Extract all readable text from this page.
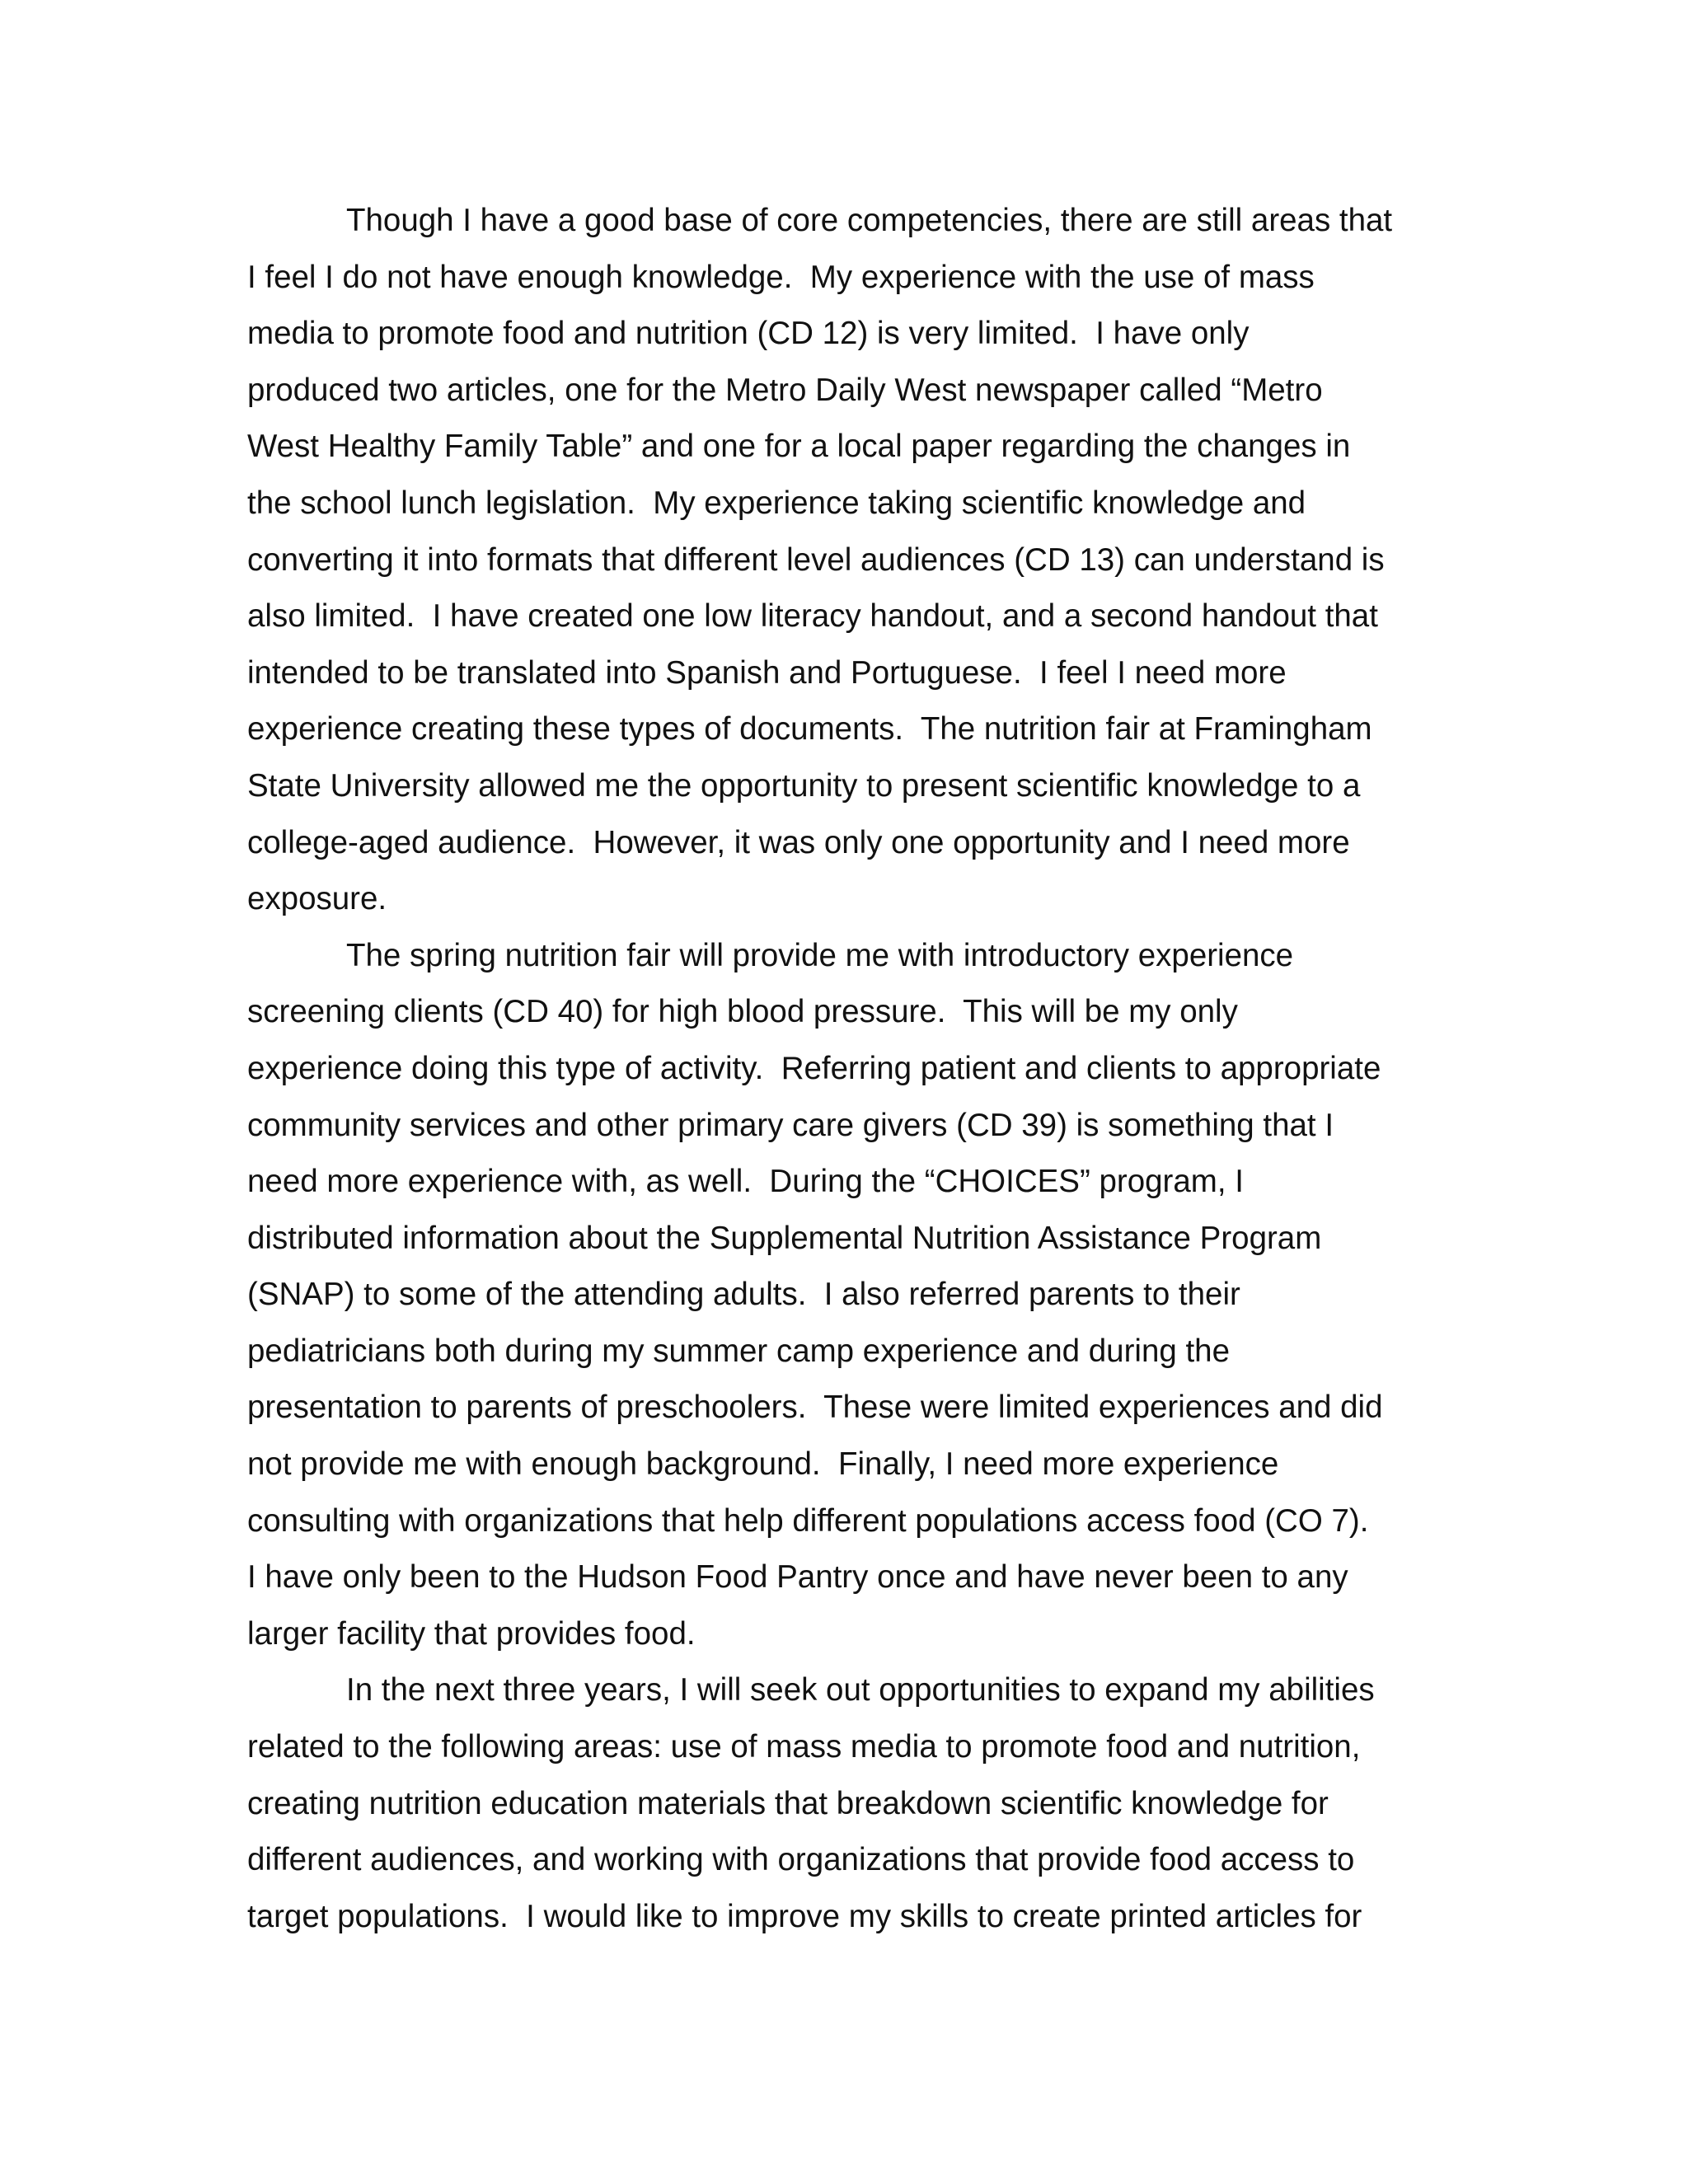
Though I have a good base of core competencies, there are still areas that
I feel I do not have enough knowledge.  My experience with the use of mass
media to promote food and nutrition (CD 12) is very limited.  I have only
produced two articles, one for the Metro Daily West newspaper called “Metro
West Healthy Family Table” and one for a local paper regarding the changes in
the school lunch legislation.  My experience taking scientific knowledge and
converting it into formats that different level audiences (CD 13) can understand is
also limited.  I have created one low literacy handout, and a second handout that
intended to be translated into Spanish and Portuguese.  I feel I need more
experience creating these types of documents.  The nutrition fair at Framingham
State University allowed me the opportunity to present scientific knowledge to a
college-aged audience.  However, it was only one opportunity and I need more
exposure.
The spring nutrition fair will provide me with introductory experience
screening clients (CD 40) for high blood pressure.  This will be my only
experience doing this type of activity.  Referring patient and clients to appropriate
community services and other primary care givers (CD 39) is something that I
need more experience with, as well.  During the “CHOICES” program, I
distributed information about the Supplemental Nutrition Assistance Program
(SNAP) to some of the attending adults.  I also referred parents to their
pediatricians both during my summer camp experience and during the
presentation to parents of preschoolers.  These were limited experiences and did
not provide me with enough background.  Finally, I need more experience
consulting with organizations that help different populations access food (CO 7).
I have only been to the Hudson Food Pantry once and have never been to any
larger facility that provides food.
In the next three years, I will seek out opportunities to expand my abilities
related to the following areas: use of mass media to promote food and nutrition,
creating nutrition education materials that breakdown scientific knowledge for
different audiences, and working with organizations that provide food access to
target populations.  I would like to improve my skills to create printed articles for
